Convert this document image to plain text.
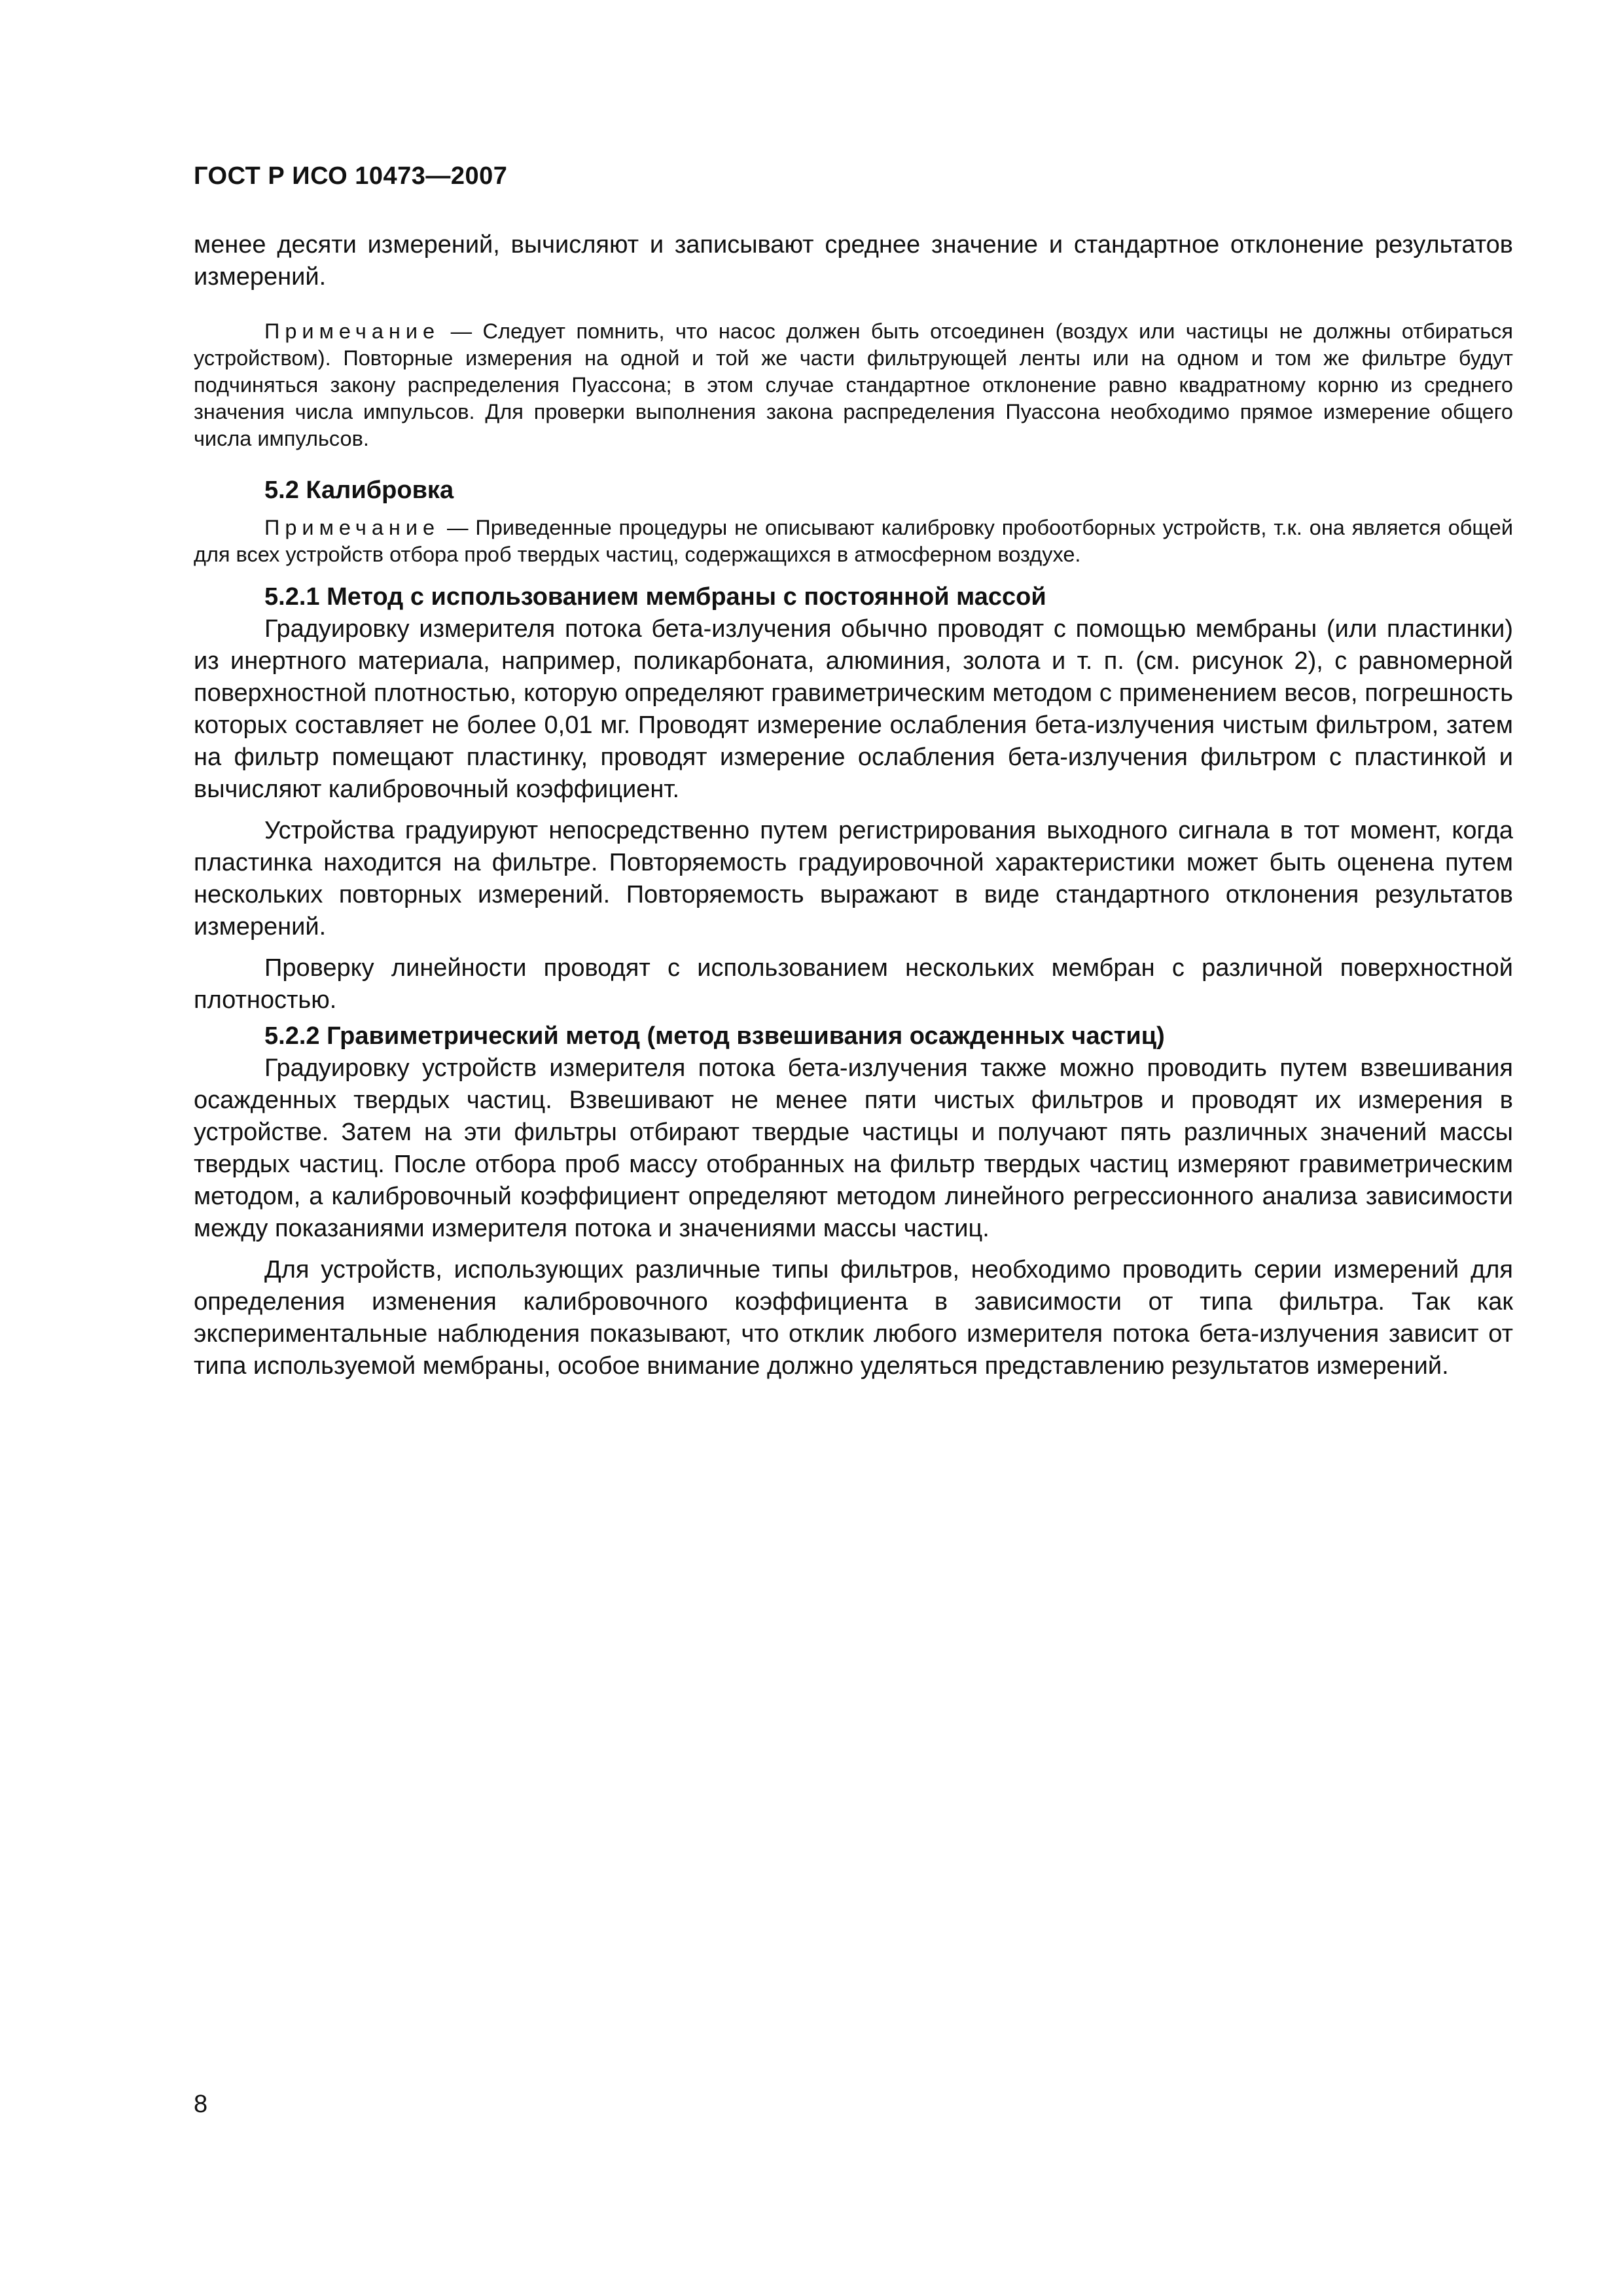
ГОСТ Р ИСО 10473—2007

менее десяти измерений, вычисляют и записывают среднее значение и стандартное отклонение результатов измерений.

Примечание — Следует помнить, что насос должен быть отсоединен (воздух или частицы не должны отбираться устройством). Повторные измерения на одной и той же части фильтрующей ленты или на одном и том же фильтре будут подчиняться закону распределения Пуассона; в этом случае стандартное отклонение равно квадратному корню из среднего значения числа импульсов. Для проверки выполнения закона распределения Пуассона необходимо прямое измерение общего числа импульсов.

5.2 Калибровка

Примечание — Приведенные процедуры не описывают калибровку пробоотборных устройств, т.к. она является общей для всех устройств отбора проб твердых частиц, содержащихся в атмосферном воздухе.

5.2.1 Метод с использованием мембраны с постоянной массой

Градуировку измерителя потока бета-излучения обычно проводят с помощью мембраны (или пластинки) из инертного материала, например, поликарбоната, алюминия, золота и т. п. (см. рисунок 2), с равномерной поверхностной плотностью, которую определяют гравиметрическим методом с применением весов, погрешность которых составляет не более 0,01 мг. Проводят измерение ослабления бета-излучения чистым фильтром, затем на фильтр помещают пластинку, проводят измерение ослабления бета-излучения фильтром с пластинкой и вычисляют калибровочный коэффициент.

Устройства градуируют непосредственно путем регистрирования выходного сигнала в тот момент, когда пластинка находится на фильтре. Повторяемость градуировочной характеристики может быть оценена путем нескольких повторных измерений. Повторяемость выражают в виде стандартного отклонения результатов измерений.

Проверку линейности проводят с использованием нескольких мембран с различной поверхностной плотностью.

5.2.2 Гравиметрический метод (метод взвешивания осажденных частиц)

Градуировку устройств измерителя потока бета-излучения также можно проводить путем взвешивания осажденных твердых частиц. Взвешивают не менее пяти чистых фильтров и проводят их измерения в устройстве. Затем на эти фильтры отбирают твердые частицы и получают пять различных значений массы твердых частиц. После отбора проб массу отобранных на фильтр твердых частиц измеряют гравиметрическим методом, а калибровочный коэффициент определяют методом линейного регрессионного анализа зависимости между показаниями измерителя потока и значениями массы частиц.

Для устройств, использующих различные типы фильтров, необходимо проводить серии измерений для определения изменения калибровочного коэффициента в зависимости от типа фильтра. Так как экспериментальные наблюдения показывают, что отклик любого измерителя потока бета-излучения зависит от типа используемой мембраны, особое внимание должно уделяться представлению результатов измерений.

8
